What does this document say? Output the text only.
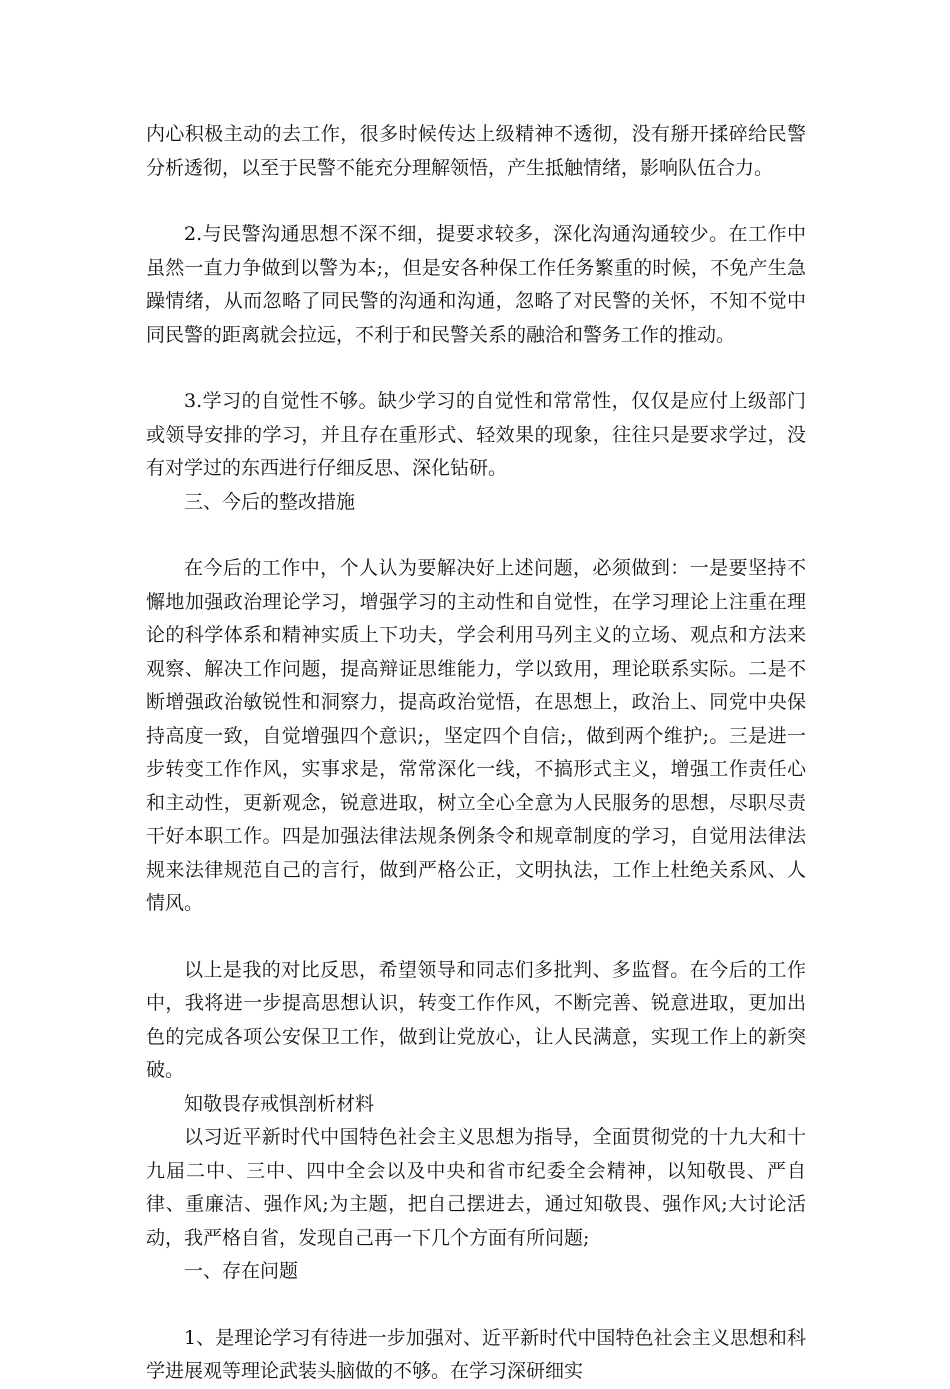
内心积极主动的去工作，很多时候传达上级精神不透彻，没有掰开揉碎给民警分析透彻，以至于民警不能充分理解领悟，产生抵触情绪，影响队伍合力。

2.与民警沟通思想不深不细，提要求较多，深化沟通沟通较少。在工作中虽然一直力争做到以警为本;，但是安各种保工作任务繁重的时候，不免产生急躁情绪，从而忽略了同民警的沟通和沟通，忽略了对民警的关怀，不知不觉中同民警的距离就会拉远，不利于和民警关系的融洽和警务工作的推动。

3.学习的自觉性不够。缺少学习的自觉性和常常性，仅仅是应付上级部门或领导安排的学习，并且存在重形式、轻效果的现象，往往只是要求学过，没有对学过的东西进行仔细反思、深化钻研。

三、今后的整改措施

在今后的工作中，个人认为要解决好上述问题，必须做到：一是要坚持不懈地加强政治理论学习，增强学习的主动性和自觉性，在学习理论上注重在理论的科学体系和精神实质上下功夫，学会利用马列主义的立场、观点和方法来观察、解决工作问题，提高辩证思维能力，学以致用，理论联系实际。二是不断增强政治敏锐性和洞察力，提高政治觉悟，在思想上，政治上、同党中央保持高度一致，自觉增强四个意识;，坚定四个自信;，做到两个维护;。三是进一步转变工作作风，实事求是，常常深化一线，不搞形式主义，增强工作责任心和主动性，更新观念，锐意进取，树立全心全意为人民服务的思想，尽职尽责干好本职工作。四是加强法律法规条例条令和规章制度的学习，自觉用法律法规来法律规范自己的言行，做到严格公正，文明执法，工作上杜绝关系风、人情风。

以上是我的对比反思，希望领导和同志们多批判、多监督。在今后的工作中，我将进一步提高思想认识，转变工作作风，不断完善、锐意进取，更加出色的完成各项公安保卫工作，做到让党放心，让人民满意，实现工作上的新突破。

知敬畏存戒惧剖析材料

以习近平新时代中国特色社会主义思想为指导，全面贯彻党的十九大和十九届二中、三中、四中全会以及中央和省市纪委全会精神，以知敬畏、严自律、重廉洁、强作风;为主题，把自己摆进去，通过知敬畏、强作风;大讨论活动，我严格自省，发现自己再一下几个方面有所问题;

一、存在问题

1、是理论学习有待进一步加强对、近平新时代中国特色社会主义思想和科学进展观等理论武装头脑做的不够。在学习深研细实
